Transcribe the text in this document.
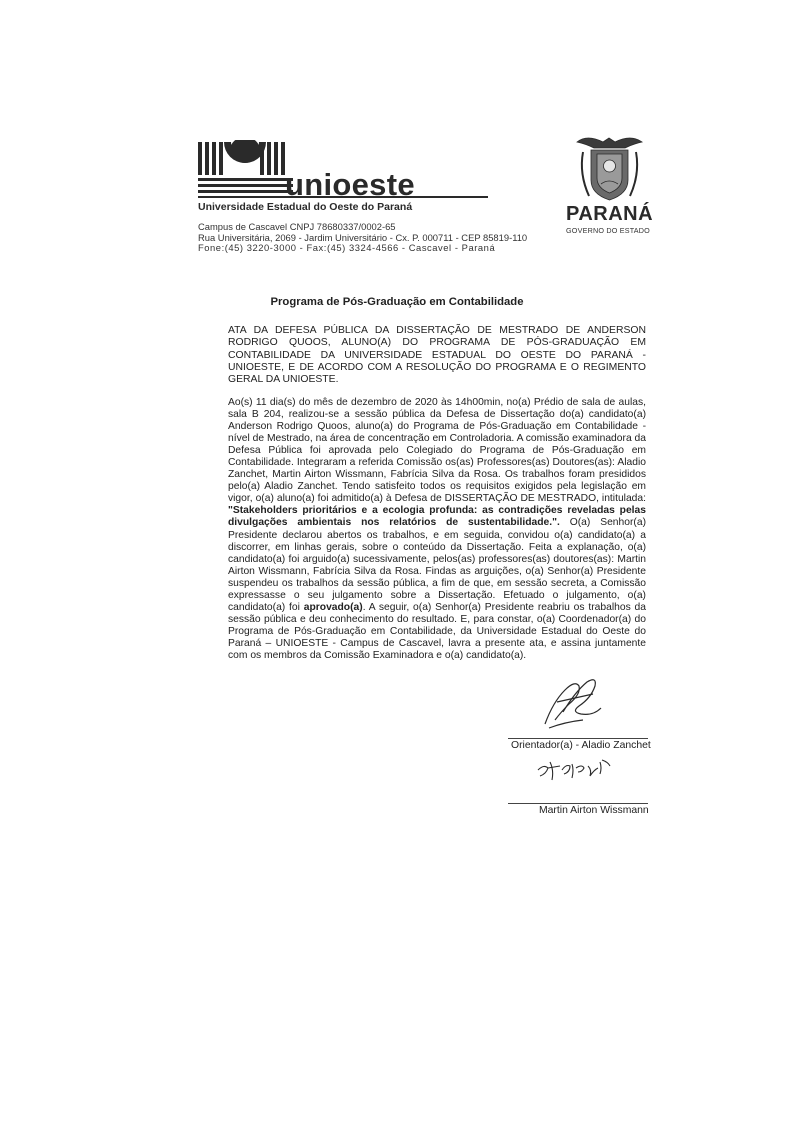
unioeste
Universidade Estadual do Oeste do Paraná
Campus de Cascavel CNPJ 78680337/0002-65
Rua Universitária, 2069 - Jardim Universitário - Cx. P. 000711 - CEP 85819-110
Fone:(45) 3220-3000 - Fax:(45) 3324-4566 - Cascavel - Paraná
PARANÁ
GOVERNO DO ESTADO
Programa de Pós-Graduação em Contabilidade
ATA DA DEFESA PÚBLICA DA DISSERTAÇÃO DE MESTRADO DE ANDERSON RODRIGO QUOOS, ALUNO(A) DO PROGRAMA DE PÓS-GRADUAÇÃO EM CONTABILIDADE DA UNIVERSIDADE ESTADUAL DO OESTE DO PARANÁ - UNIOESTE, E DE ACORDO COM A RESOLUÇÃO DO PROGRAMA E O REGIMENTO GERAL DA UNIOESTE.
Ao(s) 11 dia(s) do mês de dezembro de 2020 às 14h00min, no(a) Prédio de sala de aulas, sala B 204, realizou-se a sessão pública da Defesa de Dissertação do(a) candidato(a) Anderson Rodrigo Quoos, aluno(a) do Programa de Pós-Graduação em Contabilidade - nível de Mestrado, na área de concentração em Controladoria. A comissão examinadora da Defesa Pública foi aprovada pelo Colegiado do Programa de Pós-Graduação em Contabilidade. Integraram a referida Comissão os(as) Professores(as) Doutores(as): Aladio Zanchet, Martin Airton Wissmann, Fabrícia Silva da Rosa. Os trabalhos foram presididos pelo(a) Aladio Zanchet. Tendo satisfeito todos os requisitos exigidos pela legislação em vigor, o(a) aluno(a) foi admitido(a) à Defesa de DISSERTAÇÃO DE MESTRADO, intitulada: "Stakeholders prioritários e a ecologia profunda: as contradições reveladas pelas divulgações ambientais nos relatórios de sustentabilidade.". O(a) Senhor(a) Presidente declarou abertos os trabalhos, e em seguida, convidou o(a) candidato(a) a discorrer, em linhas gerais, sobre o conteúdo da Dissertação. Feita a explanação, o(a) candidato(a) foi arguido(a) sucessivamente, pelos(as) professores(as) doutores(as): Martin Airton Wissmann, Fabrícia Silva da Rosa. Findas as arguições, o(a) Senhor(a) Presidente suspendeu os trabalhos da sessão pública, a fim de que, em sessão secreta, a Comissão expressasse o seu julgamento sobre a Dissertação. Efetuado o julgamento, o(a) candidato(a) foi aprovado(a). A seguir, o(a) Senhor(a) Presidente reabriu os trabalhos da sessão pública e deu conhecimento do resultado. E, para constar, o(a) Coordenador(a) do Programa de Pós-Graduação em Contabilidade, da Universidade Estadual do Oeste do Paraná – UNIOESTE - Campus de Cascavel, lavra a presente ata, e assina juntamente com os membros da Comissão Examinadora e o(a) candidato(a).
Orientador(a) - Aladio Zanchet
Martin Airton Wissmann
